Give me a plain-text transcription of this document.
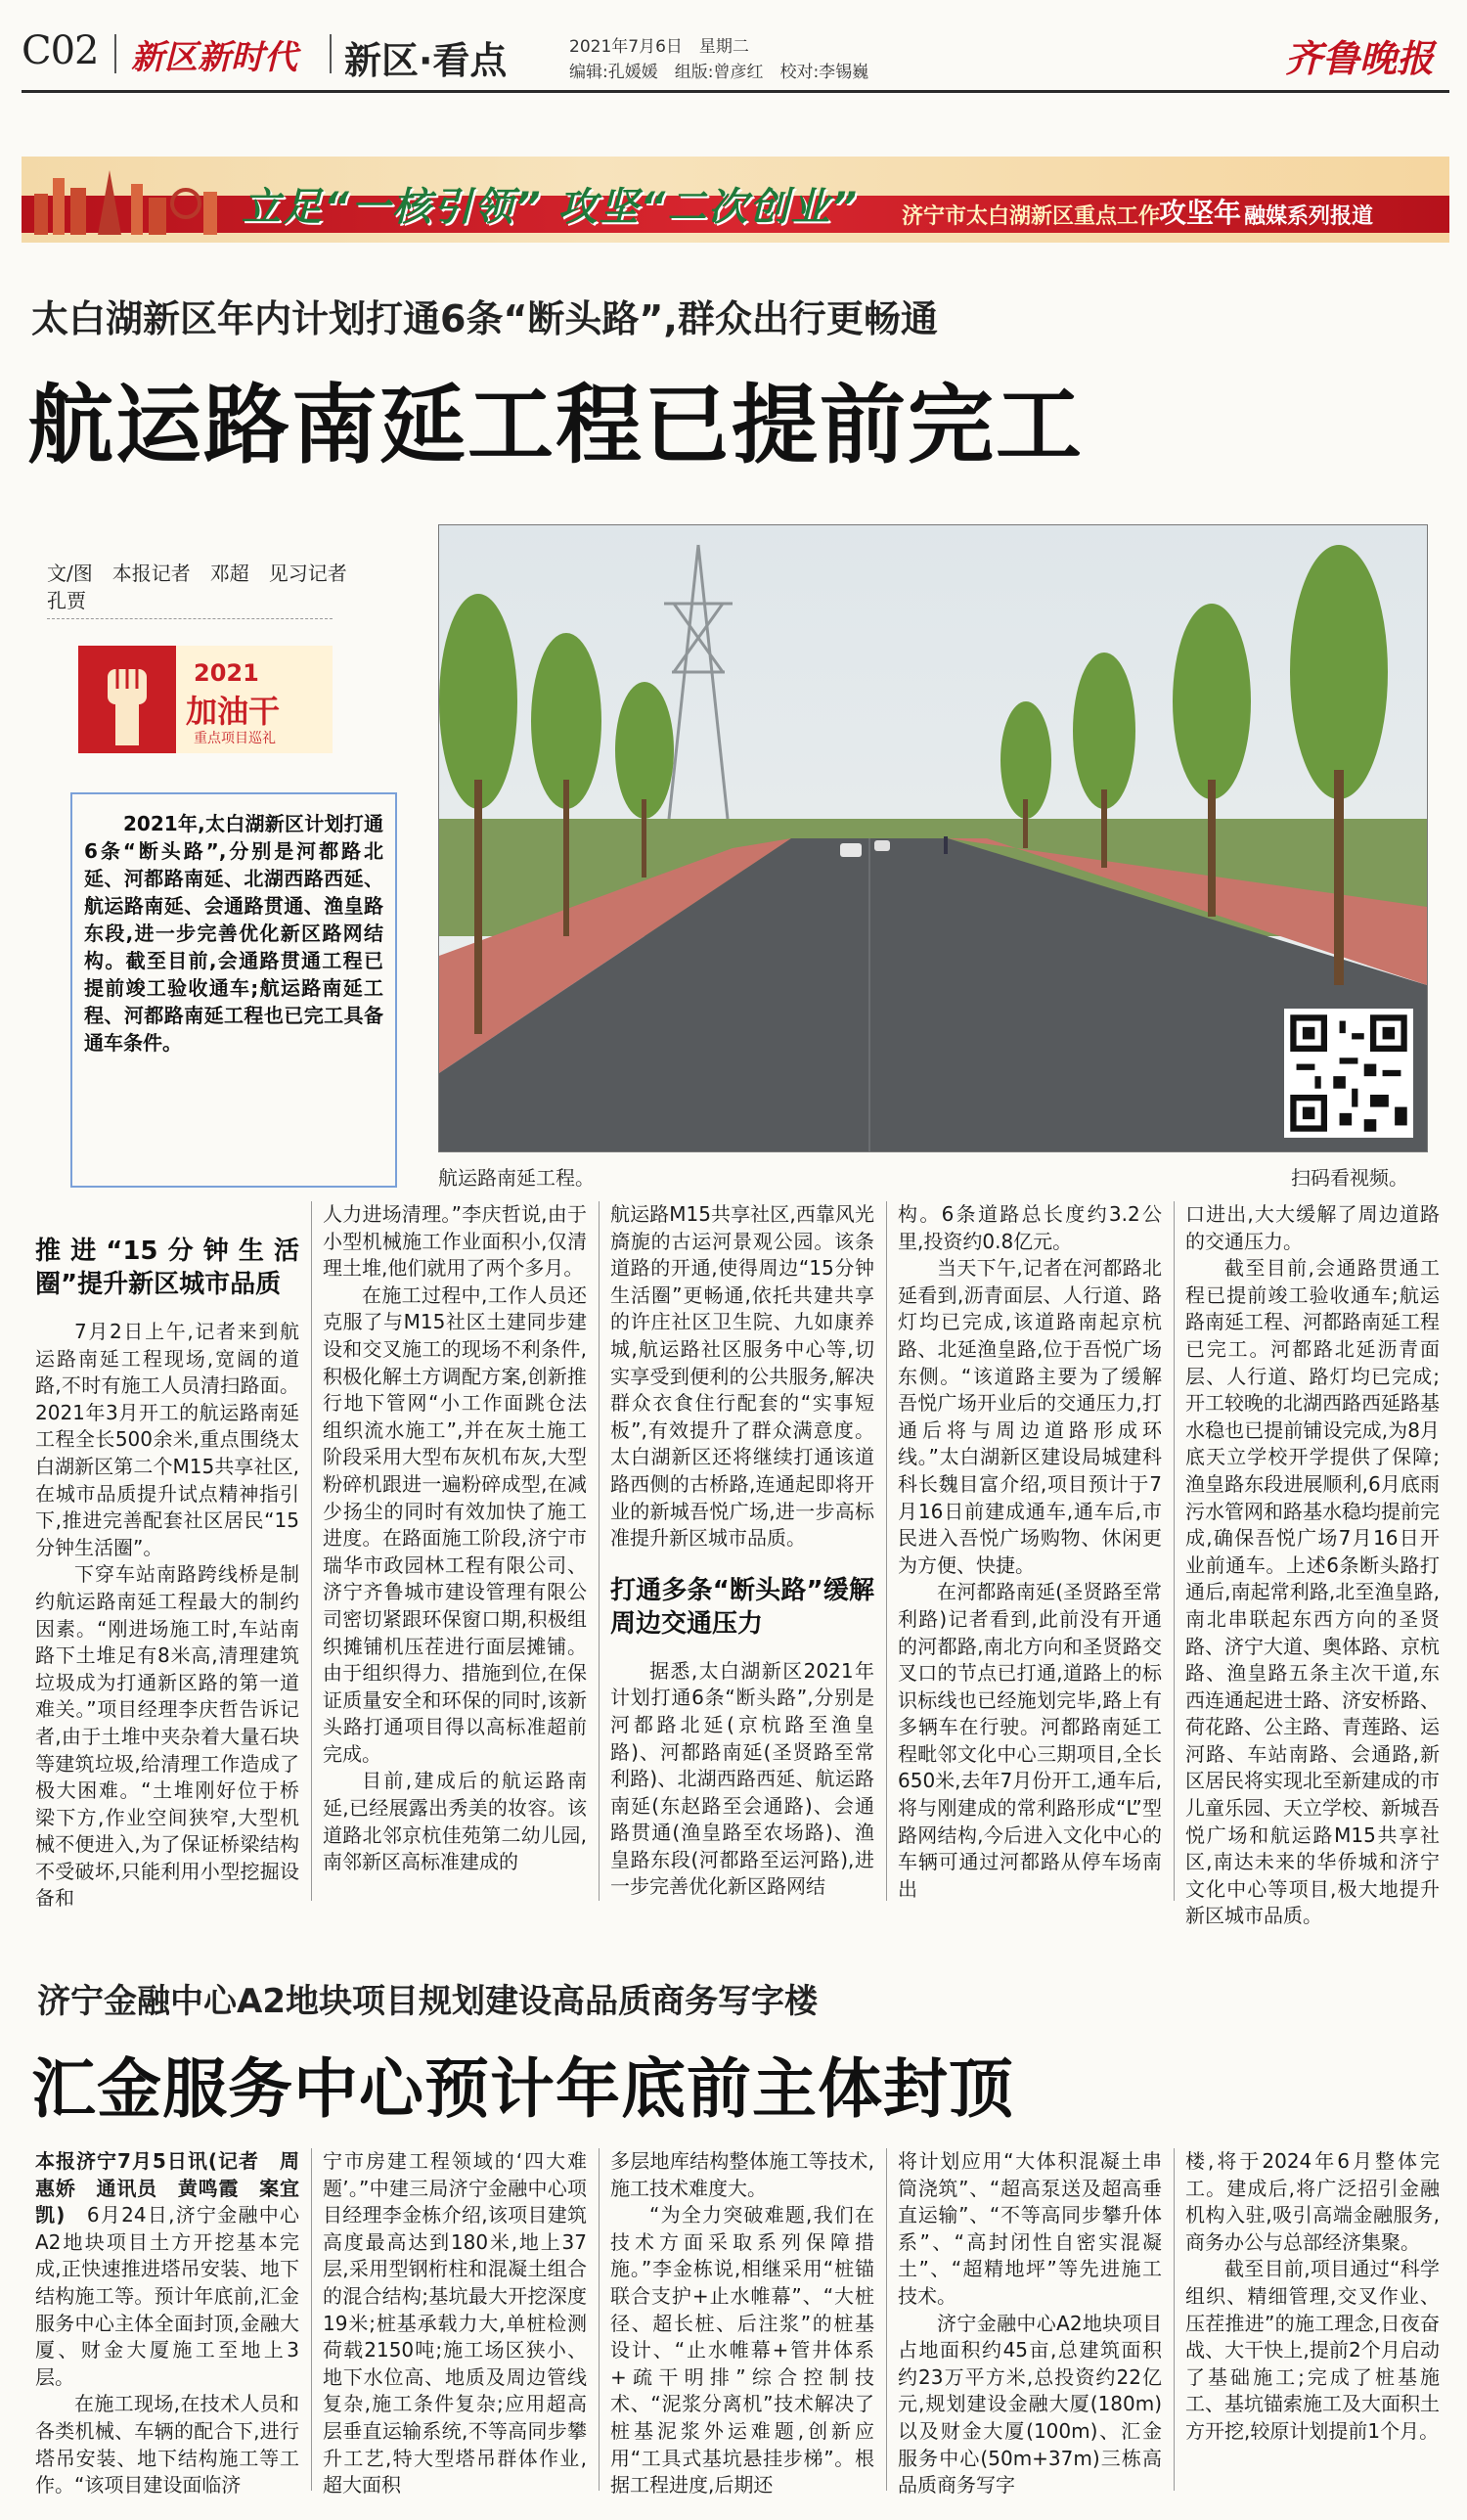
C02 新区新时代 新区·看点	2021年7月6日　星期二
编辑:孔媛媛　组版:曾彦红　校对:李锡巍	齐鲁晚报
立足“一核引领” 攻坚“二次创业” 济宁市太白湖新区重点工作
攻坚年 融媒系列报道
太白湖新区年内计划打通6条“断头路”,群众出行更畅通
航运路南延工程已提前完工
文/图　本报记者　邓超　见习记者　孔贾
2021
加油干
重点项目巡礼
2021年,太白湖新区计划打通6条“断头路”,分别是河都路北延、河都路南延、北湖西路西延、航运路南延、会通路贯通、渔皇路东段,进一步完善优化新区路网结构。截至目前,会通路贯通工程已提前竣工验收通车;航运路南延工程、河都路南延工程也已完工具备通车条件。
航运路南延工程。	扫码看视频。
推进“15分钟生活圈”提升新区城市品质

7月2日上午,记者来到航运路南延工程现场,宽阔的道路,不时有施工人员清扫路面。2021年3月开工的航运路南延工程全长500余米,重点围绕太白湖新区第二个M15共享社区,在城市品质提升试点精神指引下,推进完善配套社区居民“15分钟生活圈”。

下穿车站南路跨线桥是制约航运路南延工程最大的制约因素。“刚进场施工时,车站南路下土堆足有8米高,清理建筑垃圾成为打通新区路的第一道难关。”项目经理李庆哲告诉记者,由于土堆中夹杂着大量石块等建筑垃圾,给清理工作造成了极大困难。“土堆刚好位于桥梁下方,作业空间狭窄,大型机械不便进入,为了保证桥梁结构不受破坏,只能利用小型挖掘设备和

人力进场清理。”李庆哲说,由于小型机械施工作业面积小,仅清理土堆,他们就用了两个多月。

在施工过程中,工作人员还克服了与M15社区土建同步建设和交叉施工的现场不利条件,积极化解土方调配方案,创新推行地下管网“小工作面跳仓法组织流水施工”,并在灰土施工阶段采用大型布灰机布灰,大型粉碎机跟进一遍粉碎成型,在减少扬尘的同时有效加快了施工进度。在路面施工阶段,济宁市瑞华市政园林工程有限公司、济宁齐鲁城市建设管理有限公司密切紧跟环保窗口期,积极组织摊铺机压茬进行面层摊铺。由于组织得力、措施到位,在保证质量安全和环保的同时,该新头路打通项目得以高标准超前完成。

目前,建成后的航运路南延,已经展露出秀美的妆容。该道路北邻京杭佳苑第二幼儿园,南邻新区高标准建成的

航运路M15共享社区,西靠风光旖旎的古运河景观公园。该条道路的开通,使得周边“15分钟生活圈”更畅通,依托共建共享的许庄社区卫生院、九如康养城,航运路社区服务中心等,切实享受到便利的公共服务,解决群众衣食住行配套的“实事短板”,有效提升了群众满意度。太白湖新区还将继续打通该道路西侧的古桥路,连通起即将开业的新城吾悦广场,进一步高标准提升新区城市品质。

打通多条“断头路”缓解周边交通压力

据悉,太白湖新区2021年计划打通6条“断头路”,分别是河都路北延(京杭路至渔皇路)、河都路南延(圣贤路至常利路)、北湖西路西延、航运路南延(东赵路至会通路)、会通路贯通(渔皇路至农场路)、渔皇路东段(河都路至运河路),进一步完善优化新区路网结

构。6条道路总长度约3.2公里,投资约0.8亿元。

当天下午,记者在河都路北延看到,沥青面层、人行道、路灯均已完成,该道路南起京杭路、北延渔皇路,位于吾悦广场东侧。“该道路主要为了缓解吾悦广场开业后的交通压力,打通后将与周边道路形成环线。”太白湖新区建设局城建科科长魏目富介绍,项目预计于7月16日前建成通车,通车后,市民进入吾悦广场购物、休闲更为方便、快捷。

在河都路南延(圣贤路至常利路)记者看到,此前没有开通的河都路,南北方向和圣贤路交叉口的节点已打通,道路上的标识标线也已经施划完毕,路上有多辆车在行驶。河都路南延工程毗邻文化中心三期项目,全长650米,去年7月份开工,通车后,将与刚建成的常利路形成“L”型路网结构,今后进入文化中心的车辆可通过河都路从停车场南出

口进出,大大缓解了周边道路的交通压力。

截至目前,会通路贯通工程已提前竣工验收通车;航运路南延工程、河都路南延工程已完工。河都路北延沥青面层、人行道、路灯均已完成;开工较晚的北湖西路西延路基水稳也已提前铺设完成,为8月底天立学校开学提供了保障;渔皇路东段进展顺利,6月底雨污水管网和路基水稳均提前完成,确保吾悦广场7月16日开业前通车。上述6条断头路打通后,南起常利路,北至渔皇路,南北串联起东西方向的圣贤路、济宁大道、奥体路、京杭路、渔皇路五条主次干道,东西连通起进士路、济安桥路、荷花路、公主路、青莲路、运河路、车站南路、会通路,新区居民将实现北至新建成的市儿童乐园、天立学校、新城吾悦广场和航运路M15共享社区,南达未来的华侨城和济宁文化中心等项目,极大地提升新区城市品质。

济宁金融中心A2地块项目规划建设高品质商务写字楼
汇金服务中心预计年底前主体封顶

本报济宁7月5日讯(记者　周惠娇　通讯员　黄鸣霞　案宜凯)　6月24日,济宁金融中心A2地块项目土方开挖基本完成,正快速推进塔吊安装、地下结构施工等。预计年底前,汇金服务中心主体全面封顶,金融大厦、财金大厦施工至地上3层。

在施工现场,在技术人员和各类机械、车辆的配合下,进行塔吊安装、地下结构施工等工作。“该项目建设面临济

宁市房建工程领域的‘四大难题’。”中建三局济宁金融中心项目经理李金栋介绍,该项目建筑高度最高达到180米,地上37层,采用型钢桁柱和混凝土组合的混合结构;基坑最大开挖深度19米;桩基承载力大,单桩检测荷载2150吨;施工场区狭小、地下水位高、地质及周边管线复杂,施工条件复杂;应用超高层垂直运输系统,不等高同步攀升工艺,特大型塔吊群体作业,超大面积

多层地库结构整体施工等技术,施工技术难度大。

“为全力突破难题,我们在技术方面采取系列保障措施。”李金栋说,相继采用“桩锚联合支护+止水帷幕”、“大桩径、超长桩、后注浆”的桩基设计、“止水帷幕+管井体系+疏干明排”综合控制技术、“泥浆分离机”技术解决了桩基泥浆外运难题,创新应用“工具式基坑悬挂步梯”。根据工程进度,后期还

将计划应用“大体积混凝土串筒浇筑”、“超高泵送及超高垂直运输”、“不等高同步攀升体系”、“高封闭性自密实混凝土”、“超精地坪”等先进施工技术。

济宁金融中心A2地块项目占地面积约45亩,总建筑面积约23万平方米,总投资约22亿元,规划建设金融大厦(180m)以及财金大厦(100m)、汇金服务中心(50m+37m)三栋高品质商务写字

楼,将于2024年6月整体完工。建成后,将广泛招引金融机构入驻,吸引高端金融服务,商务办公与总部经济集聚。

截至目前,项目通过“科学组织、精细管理,交叉作业、压茬推进”的施工理念,日夜奋战、大干快上,提前2个月启动了基础施工;完成了桩基施工、基坑锚索施工及大面积土方开挖,较原计划提前1个月。
